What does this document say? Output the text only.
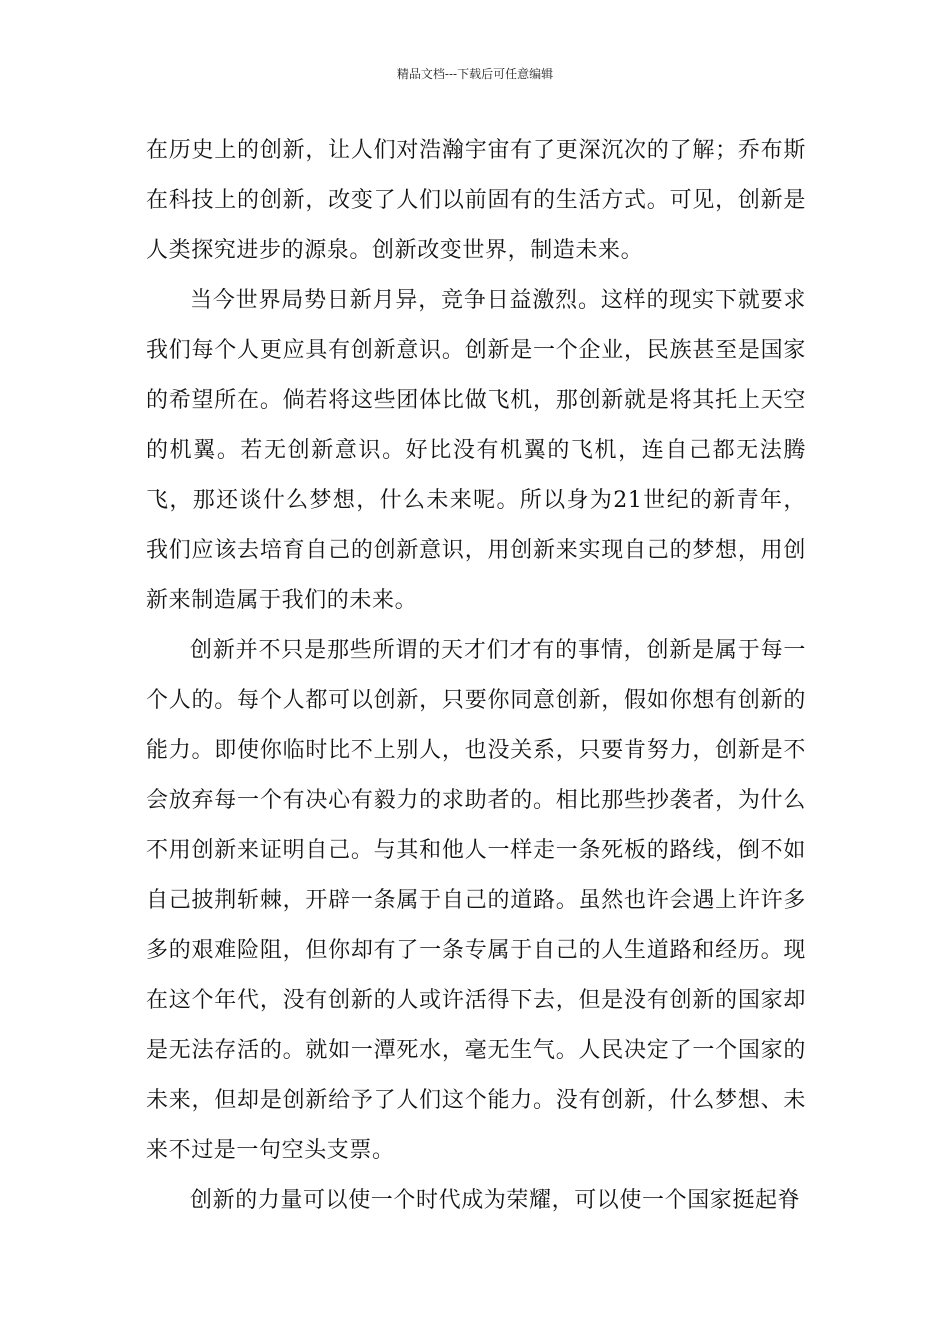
精品文档---下载后可任意编辑

在历史上的创新，让人们对浩瀚宇宙有了更深沉次的了解；乔布斯在科技上的创新，改变了人们以前固有的生活方式。可见，创新是人类探究进步的源泉。创新改变世界，制造未来。

当今世界局势日新月异，竞争日益激烈。这样的现实下就要求我们每个人更应具有创新意识。创新是一个企业，民族甚至是国家的希望所在。倘若将这些团体比做飞机，那创新就是将其托上天空的机翼。若无创新意识。好比没有机翼的飞机，连自己都无法腾飞，那还谈什么梦想，什么未来呢。所以身为21世纪的新青年，我们应该去培育自己的创新意识，用创新来实现自己的梦想，用创新来制造属于我们的未来。

创新并不只是那些所谓的天才们才有的事情，创新是属于每一个人的。每个人都可以创新，只要你同意创新，假如你想有创新的能力。即使你临时比不上别人，也没关系，只要肯努力，创新是不会放弃每一个有决心有毅力的求助者的。相比那些抄袭者，为什么不用创新来证明自己。与其和他人一样走一条死板的路线，倒不如自己披荆斩棘，开辟一条属于自己的道路。虽然也许会遇上许许多多的艰难险阻，但你却有了一条专属于自己的人生道路和经历。现在这个年代，没有创新的人或许活得下去，但是没有创新的国家却是无法存活的。就如一潭死水，毫无生气。人民决定了一个国家的未来，但却是创新给予了人们这个能力。没有创新，什么梦想、未来不过是一句空头支票。

创新的力量可以使一个时代成为荣耀，可以使一个国家挺起脊
